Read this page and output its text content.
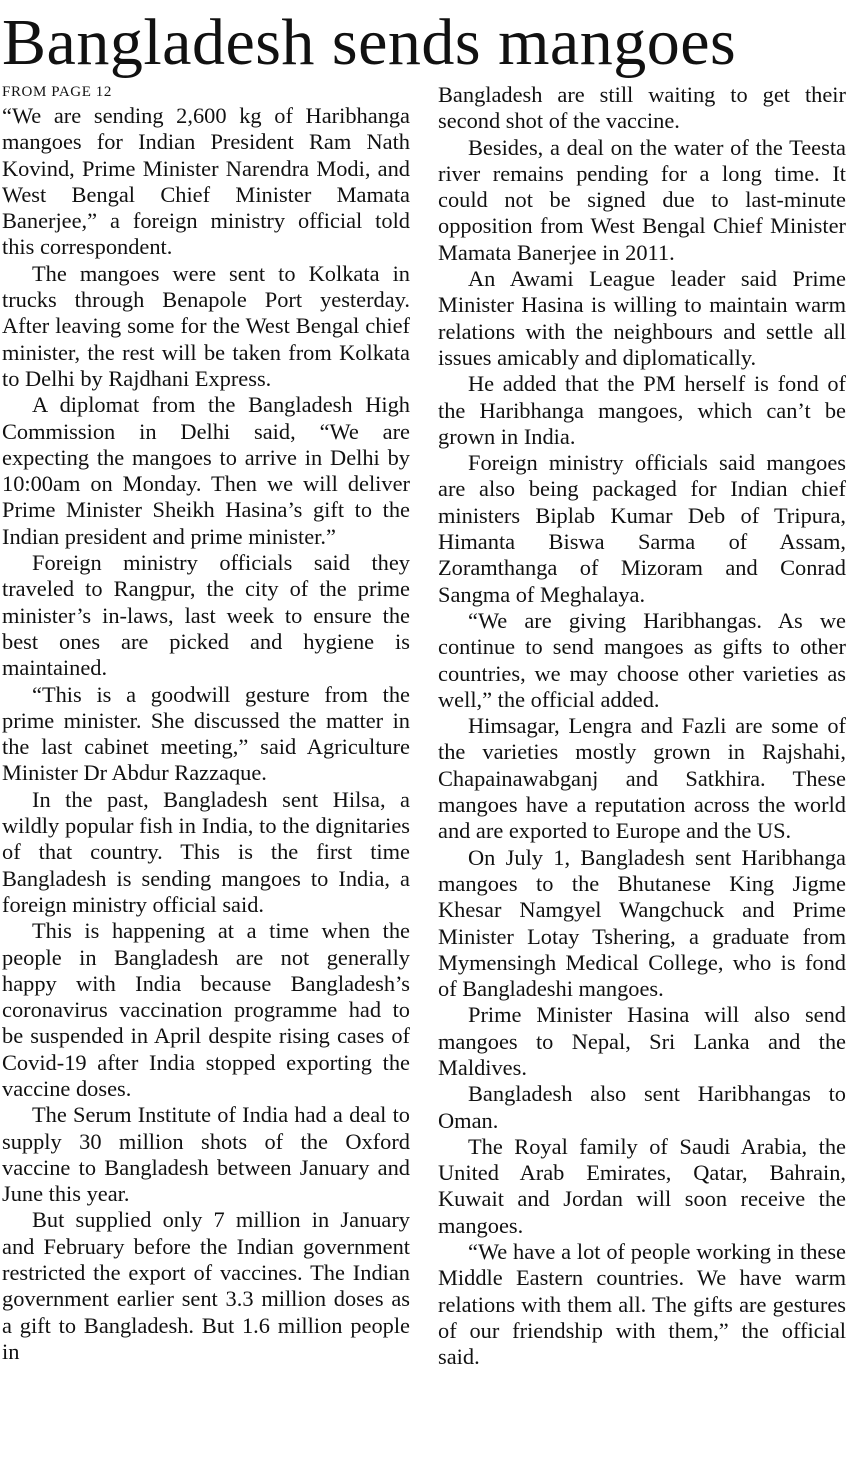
Bangladesh sends mangoes
FROM PAGE 12

“We are sending 2,600 kg of Haribhanga mangoes for Indian President Ram Nath Kovind, Prime Minister Narendra Modi, and West Bengal Chief Minister Mamata Banerjee,” a foreign ministry official told this correspondent.

The mangoes were sent to Kolkata in trucks through Benapole Port yesterday. After leaving some for the West Bengal chief minister, the rest will be taken from Kolkata to Delhi by Rajdhani Express.

A diplomat from the Bangladesh High Commission in Delhi said, “We are expecting the mangoes to arrive in Delhi by 10:00am on Monday. Then we will deliver Prime Minister Sheikh Hasina’s gift to the Indian president and prime minister.”

Foreign ministry officials said they traveled to Rangpur, the city of the prime minister’s in-laws, last week to ensure the best ones are picked and hygiene is maintained.

“This is a goodwill gesture from the prime minister. She discussed the matter in the last cabinet meeting,” said Agriculture Minister Dr Abdur Razzaque.

In the past, Bangladesh sent Hilsa, a wildly popular fish in India, to the dignitaries of that country. This is the first time Bangladesh is sending mangoes to India, a foreign ministry official said.

This is happening at a time when the people in Bangladesh are not generally happy with India because Bangladesh’s coronavirus vaccination programme had to be suspended in April despite rising cases of Covid-19 after India stopped exporting the vaccine doses.

The Serum Institute of India had a deal to supply 30 million shots of the Oxford vaccine to Bangladesh between January and June this year.

But supplied only 7 million in January and February before the Indian government restricted the export of vaccines. The Indian government earlier sent 3.3 million doses as a gift to Bangladesh. But 1.6 million people in

Bangladesh are still waiting to get their second shot of the vaccine.

Besides, a deal on the water of the Teesta river remains pending for a long time. It could not be signed due to last-minute opposition from West Bengal Chief Minister Mamata Banerjee in 2011.

An Awami League leader said Prime Minister Hasina is willing to maintain warm relations with the neighbours and settle all issues amicably and diplomatically.

He added that the PM herself is fond of the Haribhanga mangoes, which can’t be grown in India.

Foreign ministry officials said mangoes are also being packaged for Indian chief ministers Biplab Kumar Deb of Tripura, Himanta Biswa Sarma of Assam, Zoramthanga of Mizoram and Conrad Sangma of Meghalaya.

“We are giving Haribhangas. As we continue to send mangoes as gifts to other countries, we may choose other varieties as well,” the official added.

Himsagar, Lengra and Fazli are some of the varieties mostly grown in Rajshahi, Chapainawabganj and Satkhira. These mangoes have a reputation across the world and are exported to Europe and the US.

On July 1, Bangladesh sent Haribhanga mangoes to the Bhutanese King Jigme Khesar Namgyel Wangchuck and Prime Minister Lotay Tshering, a graduate from Mymensingh Medical College, who is fond of Bangladeshi mangoes.

Prime Minister Hasina will also send mangoes to Nepal, Sri Lanka and the Maldives.

Bangladesh also sent Haribhangas to Oman.

The Royal family of Saudi Arabia, the United Arab Emirates, Qatar, Bahrain, Kuwait and Jordan will soon receive the mangoes.

“We have a lot of people working in these Middle Eastern countries. We have warm relations with them all. The gifts are gestures of our friendship with them,” the official said.
